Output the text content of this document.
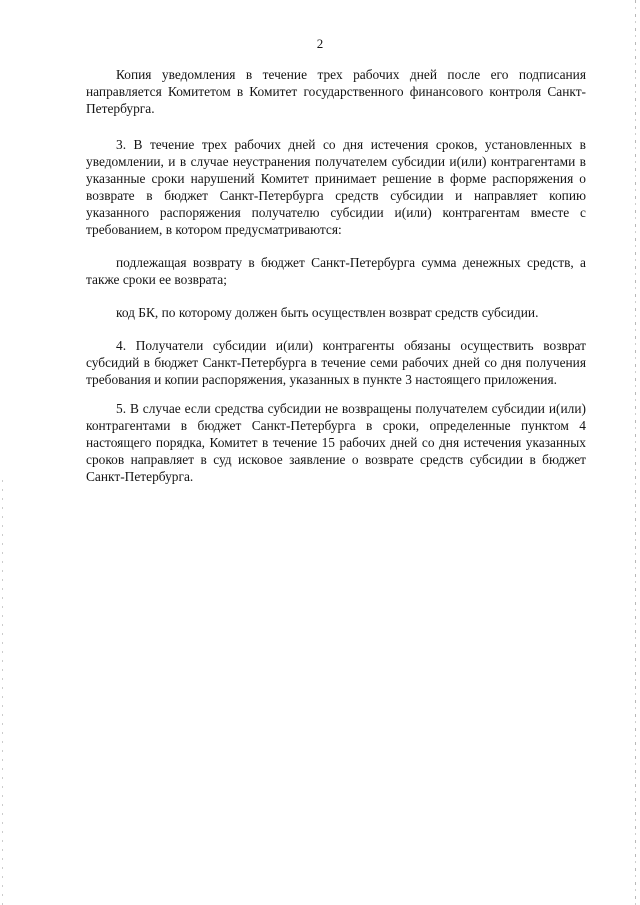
2

Копия уведомления в течение трех рабочих дней после его подписания направляется Комитетом в Комитет государственного финансового контроля Санкт-Петербурга.

3. В течение трех рабочих дней со дня истечения сроков, установленных в уведомлении, и в случае неустранения получателем субсидии и(или) контрагентами в указанные сроки нарушений Комитет принимает решение в форме распоряжения о возврате в бюджет Санкт-Петербурга средств субсидии и направляет копию указанного распоряжения получателю субсидии и(или) контрагентам вместе с требованием, в котором предусматриваются:

подлежащая возврату в бюджет Санкт-Петербурга сумма денежных средств, а также сроки ее возврата;

код БК, по которому должен быть осуществлен возврат средств субсидии.

4. Получатели субсидии и(или) контрагенты обязаны осуществить возврат субсидий в бюджет Санкт-Петербурга в течение семи рабочих дней со дня получения требования и копии распоряжения, указанных в пункте 3 настоящего приложения.

5. В случае если средства субсидии не возвращены получателем субсидии и(или) контрагентами в бюджет Санкт-Петербурга в сроки, определенные пунктом 4 настоящего порядка, Комитет в течение 15 рабочих дней со дня истечения указанных сроков направляет в суд исковое заявление о возврате средств субсидии в бюджет Санкт-Петербурга.
